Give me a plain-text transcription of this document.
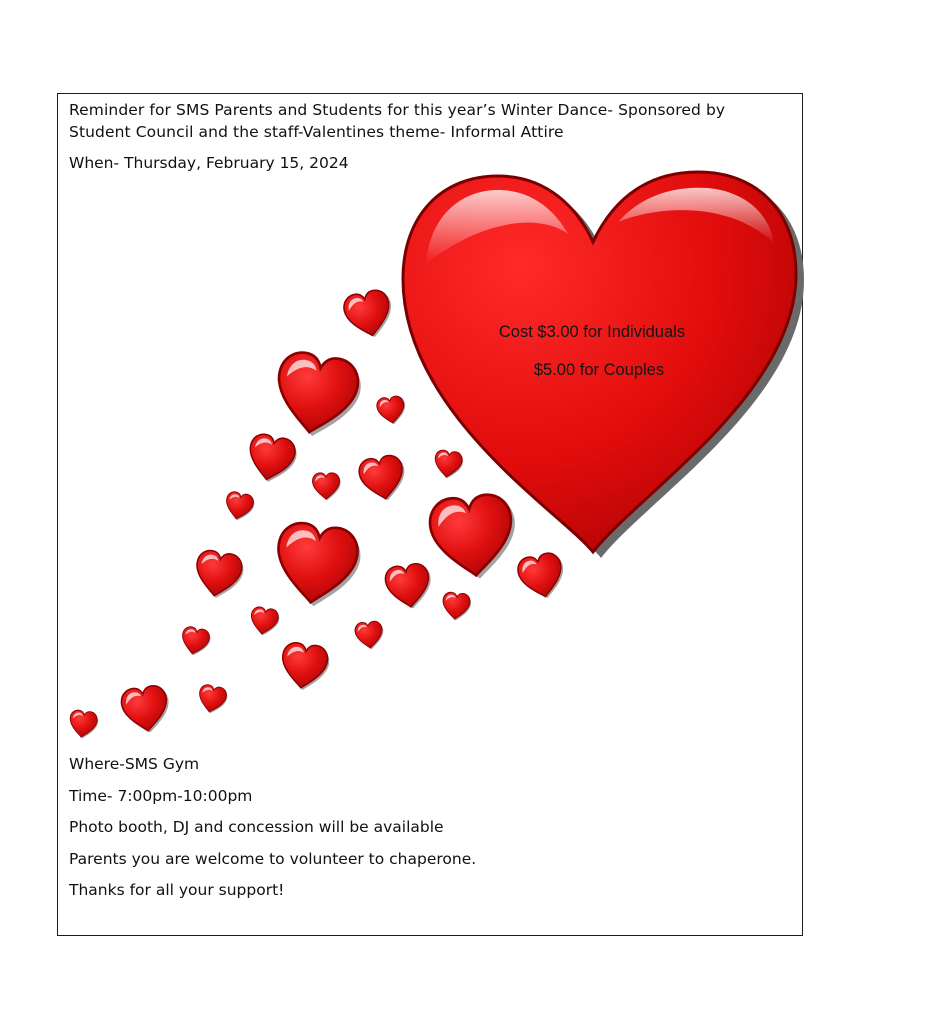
Reminder for SMS Parents and Students for this year’s Winter Dance- Sponsored by Student Council and the staff-Valentines theme- Informal Attire

When- Thursday, February 15, 2024

Cost $3.00 for Individuals
$5.00 for Couples
Where-SMS Gym
Time- 7:00pm-10:00pm
Photo booth, DJ and concession will be available
Parents you are welcome to volunteer to chaperone.
Thanks for all your support!
